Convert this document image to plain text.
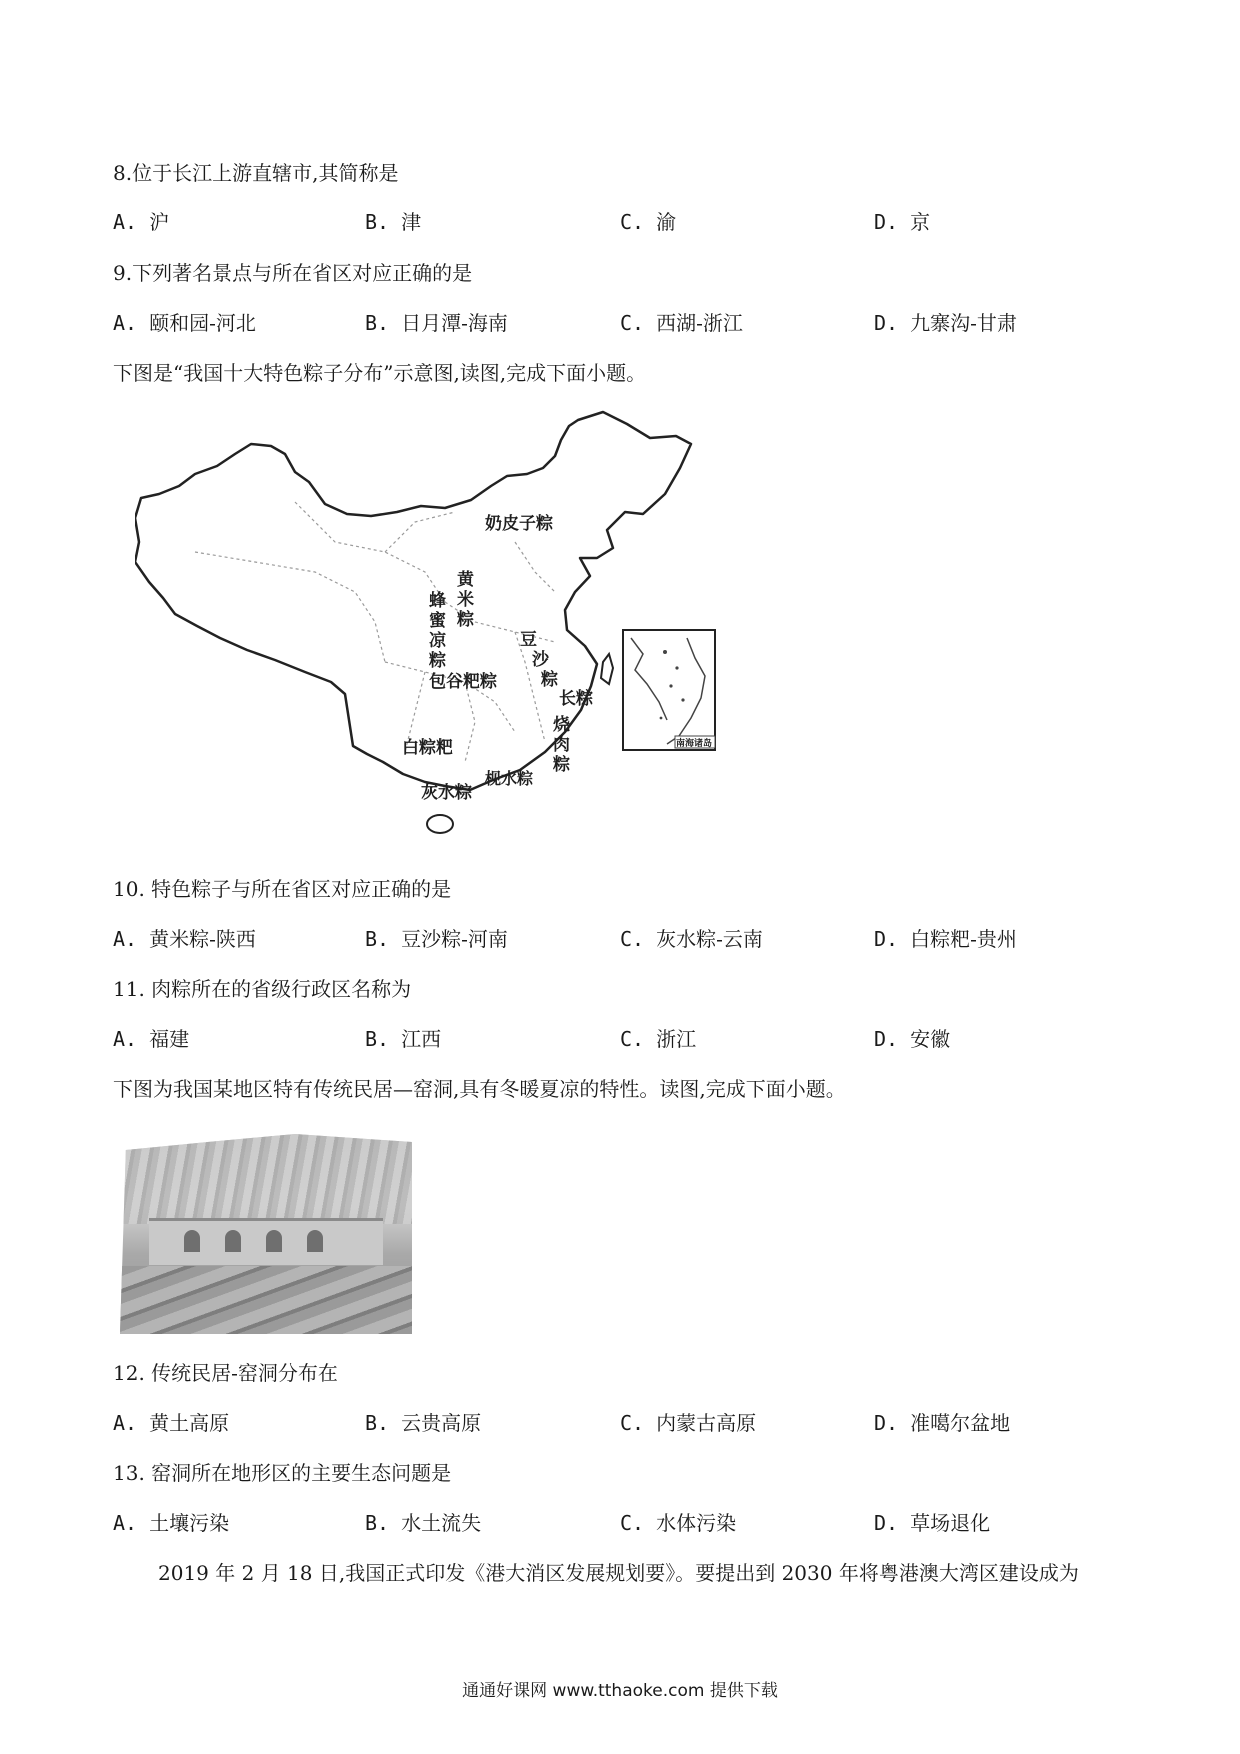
8.位于长江上游直辖市,其简称是
A. 沪	B. 津	C. 渝	D. 京
9.下列著名景点与所在省区对应正确的是
A. 颐和园-河北	B. 日月潭-海南	C. 西湖-浙江	D. 九寨沟-甘肃
下图是“我国十大特色粽子分布”示意图,读图,完成下面小题。
南海诸岛
奶皮子粽
黄
米
粽
蜂
蜜
凉
粽
豆
沙
粽
包谷粑粽
长粽
烧
肉
粽
白粽粑
灰水粽
枧水粽
10. 特色粽子与所在省区对应正确的是
A. 黄米粽-陕西	B. 豆沙粽-河南	C. 灰水粽-云南	D. 白粽粑-贵州
11. 肉粽所在的省级行政区名称为
A. 福建	B. 江西	C. 浙江	D. 安徽
下图为我国某地区特有传统民居—窑洞,具有冬暖夏凉的特性。读图,完成下面小题。
12. 传统民居-窑洞分布在
A. 黄土高原	B. 云贵高原	C. 内蒙古高原	D. 准噶尔盆地
13. 窑洞所在地形区的主要生态问题是
A. 土壤污染	B. 水土流失	C. 水体污染	D. 草场退化
2019 年 2 月 18 日,我国正式印发《港大消区发展规划要》。要提出到 2030 年将粤港澳大湾区建设成为
通通好课网 www.tthaoke.com 提供下载
